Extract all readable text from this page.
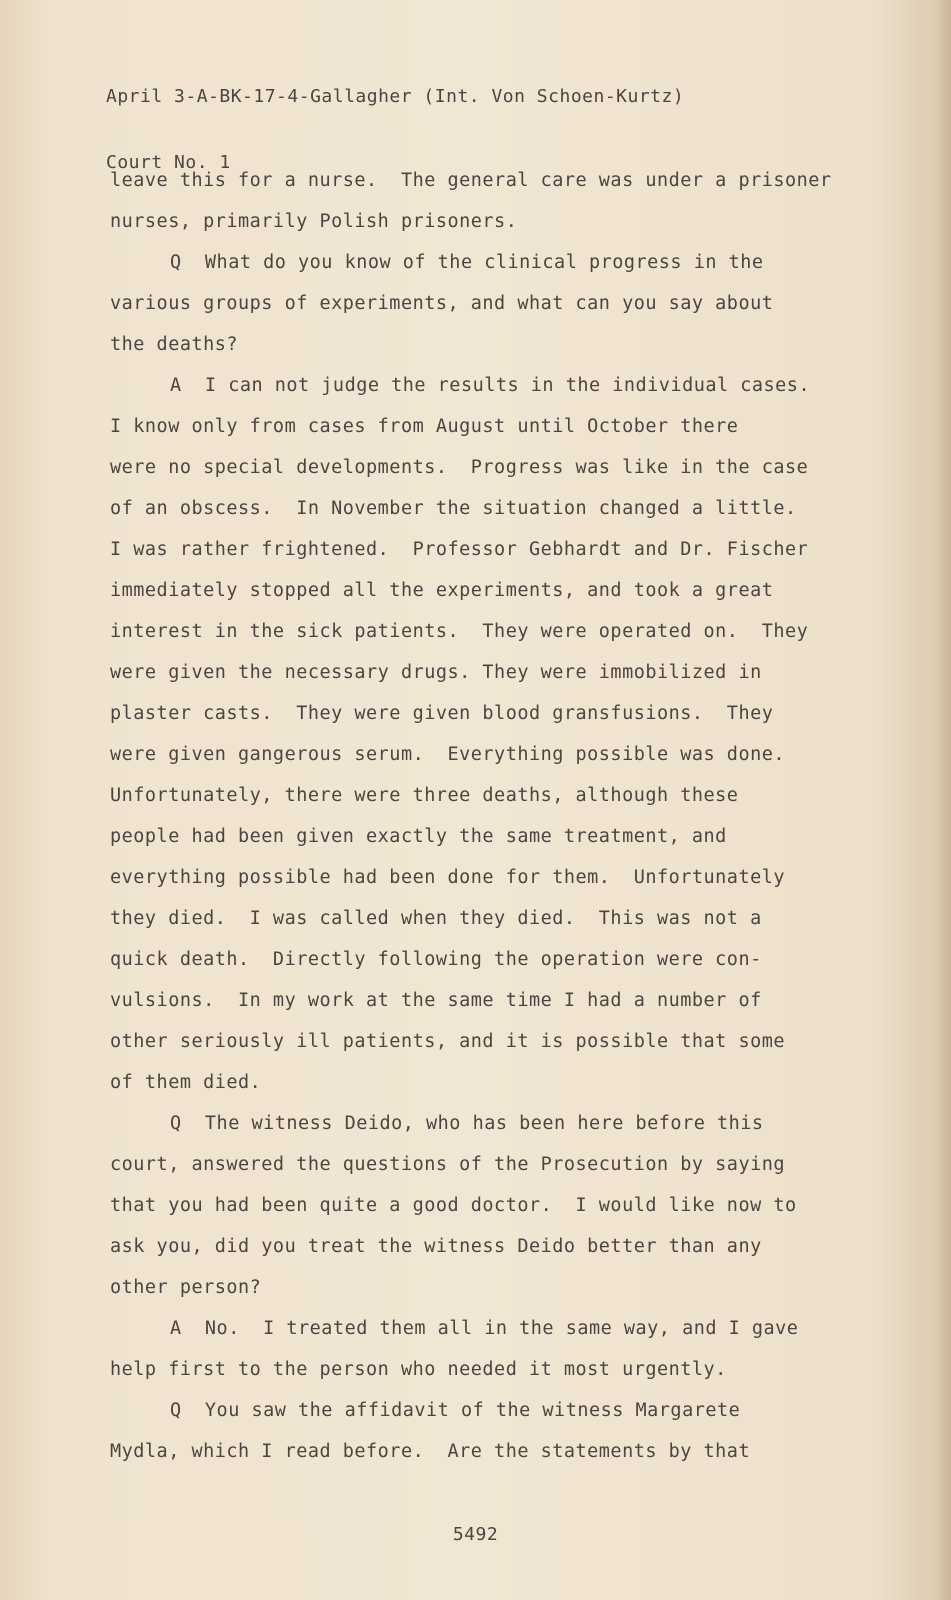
April 3-A-BK-17-4-Gallagher (Int. Von Schoen-Kurtz)

Court No. 1

leave this for a nurse.  The general care was under a prisoner
nurses, primarily Polish prisoners.
Q  What do you know of the clinical progress in the
various groups of experiments, and what can you say about
the deaths?
A  I can not judge the results in the individual cases.
I know only from cases from August until October there
were no special developments.  Progress was like in the case
of an obscess.  In November the situation changed a little.
I was rather frightened.  Professor Gebhardt and Dr. Fischer
immediately stopped all the experiments, and took a great
interest in the sick patients.  They were operated on.  They
were given the necessary drugs. They were immobilized in
plaster casts.  They were given blood gransfusions.  They
were given gangerous serum.  Everything possible was done.
Unfortunately, there were three deaths, although these
people had been given exactly the same treatment, and
everything possible had been done for them.  Unfortunately
they died.  I was called when they died.  This was not a
quick death.  Directly following the operation were con-
vulsions.  In my work at the same time I had a number of
other seriously ill patients, and it is possible that some
of them died.
Q  The witness Deido, who has been here before this
court, answered the questions of the Prosecution by saying
that you had been quite a good doctor.  I would like now to
ask you, did you treat the witness Deido better than any
other person?
A  No.  I treated them all in the same way, and I gave
help first to the person who needed it most urgently.
Q  You saw the affidavit of the witness Margarete
Mydla, which I read before.  Are the statements by that
5492
